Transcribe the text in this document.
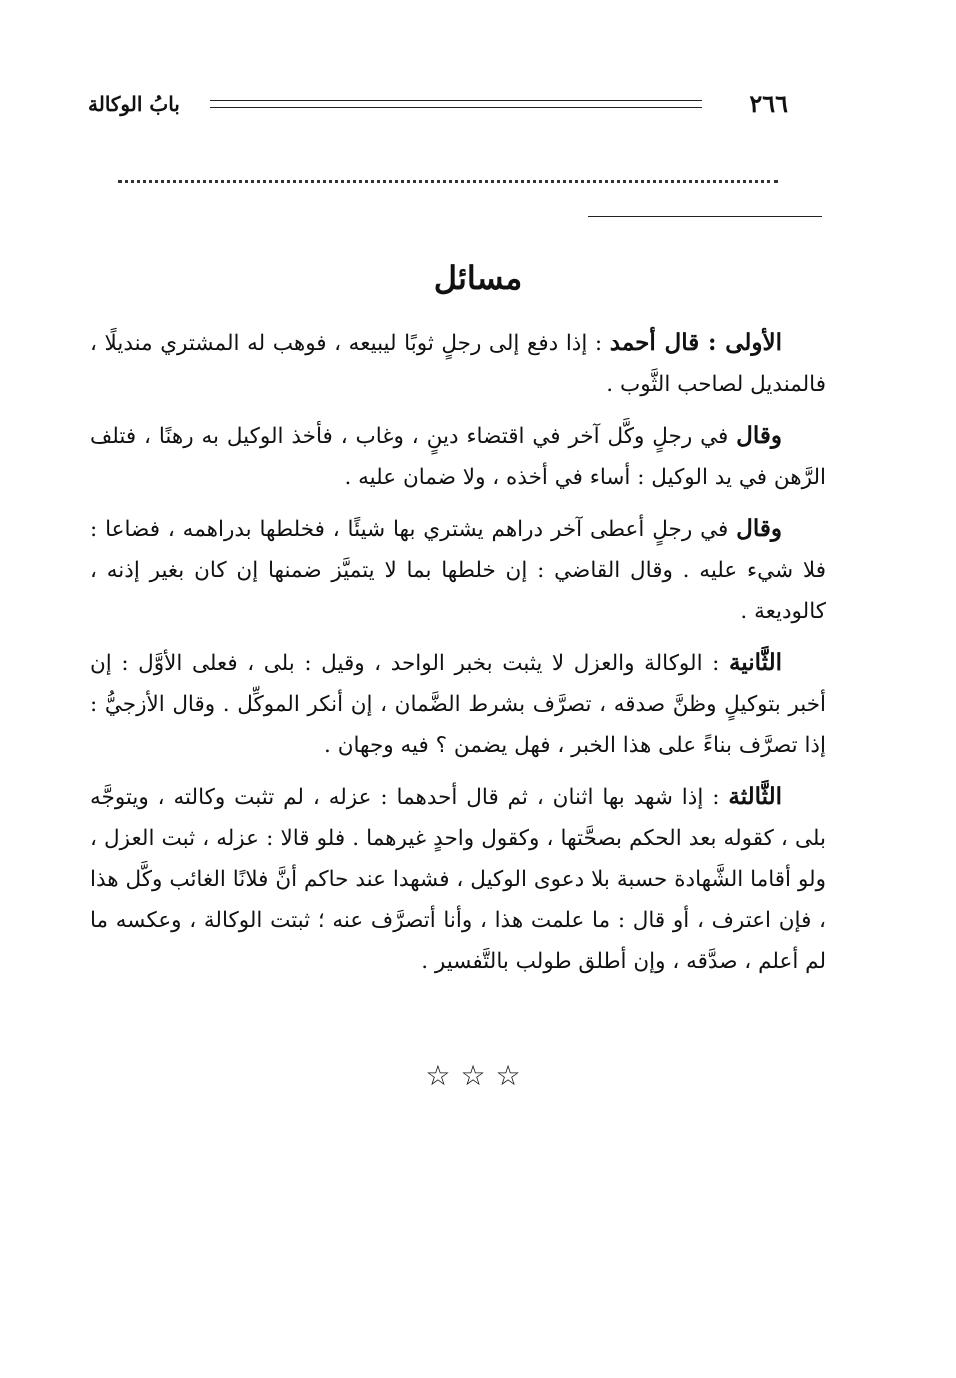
٢٦٦
بابُ الوكالة
مسائل

الأولى : قال أحمد : إذا دفع إلى رجلٍ ثوبًا ليبيعه ، فوهب له المشتري منديلًا ، فالمنديل لصاحب الثَّوب .

وقال في رجلٍ وكَّل آخر في اقتضاء دينٍ ، وغاب ، فأخذ الوكيل به رهنًا ، فتلف الرَّهن في يد الوكيل : أساء في أخذه ، ولا ضمان عليه .

وقال في رجلٍ أعطى آخر دراهم يشتري بها شيئًا ، فخلطها بدراهمه ، فضاعا : فلا شيء عليه . وقال القاضي : إن خلطها بما لا يتميَّز ضمنها إن كان بغير إذنه ، كالوديعة .

الثَّانية : الوكالة والعزل لا يثبت بخبر الواحد ، وقيل : بلى ، فعلى الأوَّل : إن أخبر بتوكيلٍ وظنَّ صدقه ، تصرَّف بشرط الضَّمان ، إن أنكر الموكِّل . وقال الأزجيُّ : إذا تصرَّف بناءً على هذا الخبر ، فهل يضمن ؟ فيه وجهان .

الثَّالثة : إذا شهد بها اثنان ، ثم قال أحدهما : عزله ، لم تثبت وكالته ، ويتوجَّه بلى ، كقوله بعد الحكم بصحَّتها ، وكقول واحدٍ غيرهما . فلو قالا : عزله ، ثبت العزل ، ولو أقاما الشَّهادة حسبة بلا دعوى الوكيل ، فشهدا عند حاكم أنَّ فلانًا الغائب وكَّل هذا ، فإن اعترف ، أو قال : ما علمت هذا ، وأنا أتصرَّف عنه ؛ ثبتت الوكالة ، وعكسه ما لم أعلم ، صدَّقه ، وإن أطلق طولب بالتَّفسير .

☆☆☆
